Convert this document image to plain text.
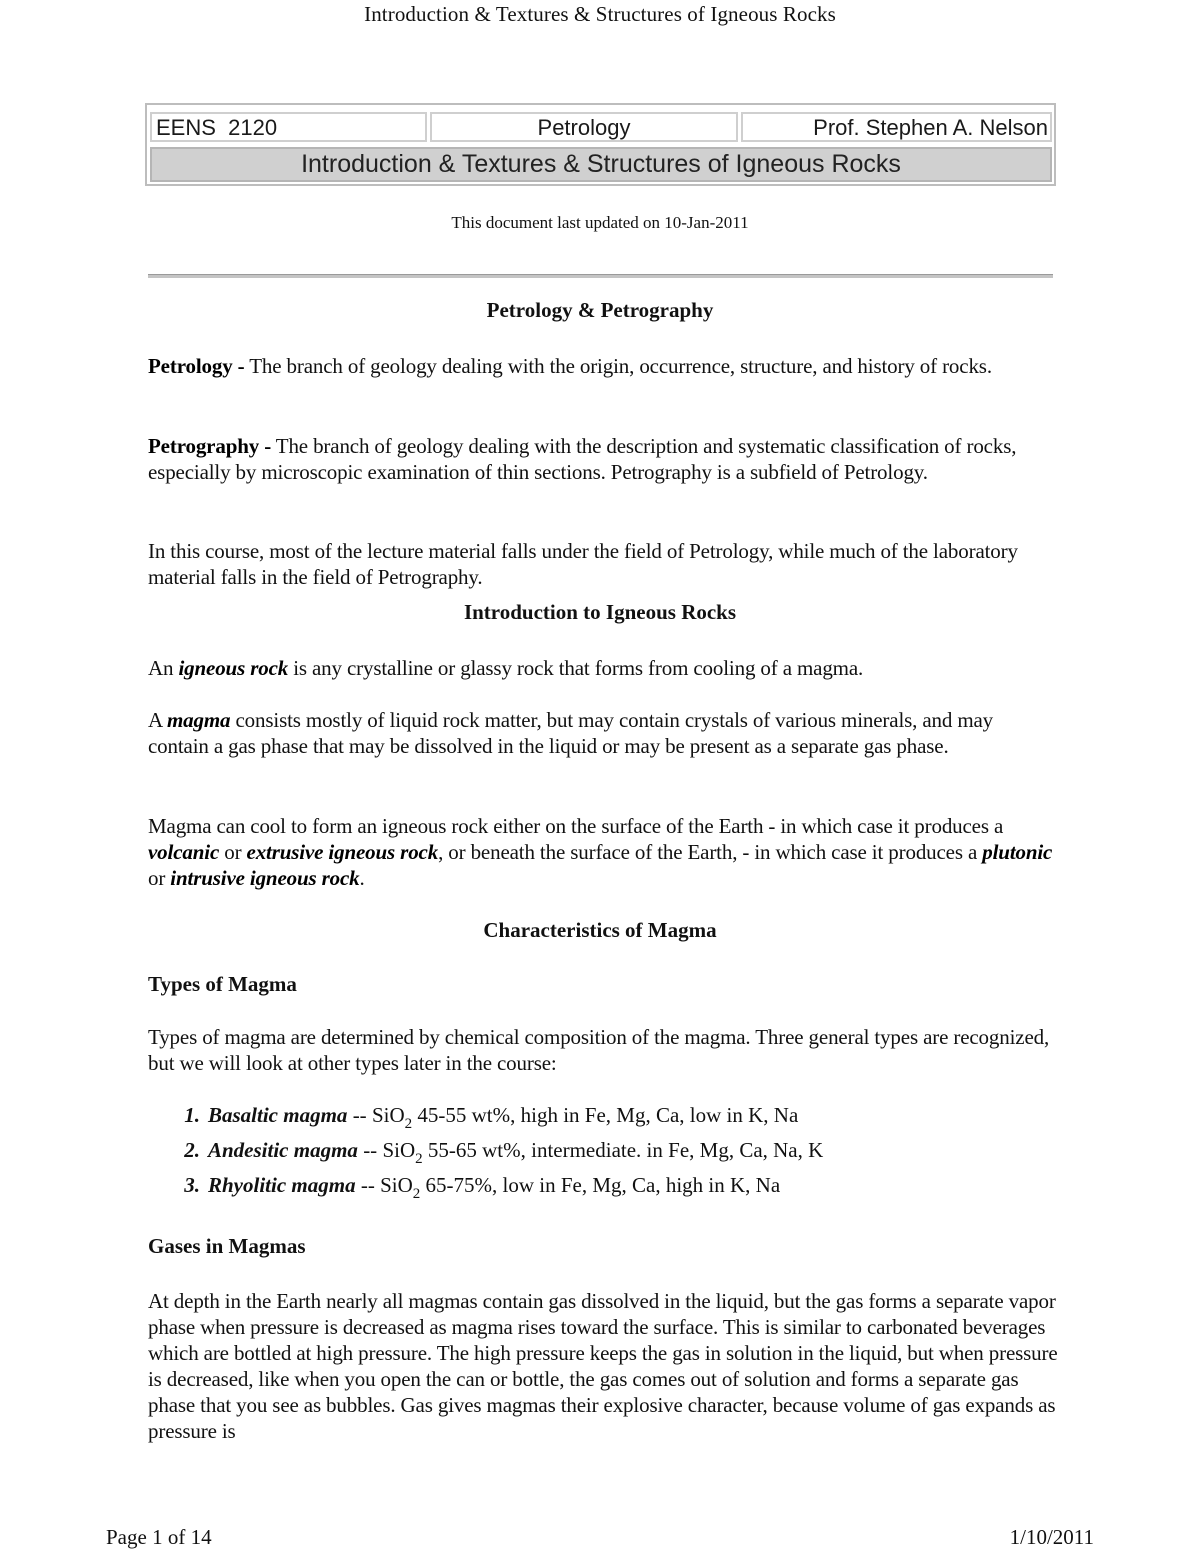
Introduction & Textures & Structures of Igneous Rocks
EENS  2120	Petrology	Prof. Stephen A. Nelson
Introduction & Textures & Structures of Igneous Rocks
This document last updated on 10-Jan-2011
Petrology & Petrography
Petrology - The branch of geology dealing with the origin, occurrence, structure, and history of rocks.
Petrography - The branch of geology dealing with the description and systematic classification of rocks, especially by microscopic examination of thin sections. Petrography is a subfield of Petrology.
In this course, most of the lecture material falls under the field of Petrology, while much of the laboratory material falls in the field of Petrography.
Introduction to Igneous Rocks
An igneous rock is any crystalline or glassy rock that forms from cooling of a magma.
A magma consists mostly of liquid rock matter, but may contain crystals of various minerals, and may contain a gas phase that may be dissolved in the liquid or may be present as a separate gas phase.
Magma can cool to form an igneous rock either on the surface of the Earth - in which case it produces a volcanic or extrusive igneous rock, or beneath the surface of the Earth, - in which case it produces a plutonic or intrusive igneous rock.
Characteristics of Magma
Types of Magma
Types of magma are determined by chemical composition of the magma. Three general types are recognized, but we will look at other types later in the course:
1. Basaltic magma -- SiO$_2$ 45-55 wt%, high in Fe, Mg, Ca, low in K, Na
2. Andesitic magma -- SiO$_2$ 55-65 wt%, intermediate. in Fe, Mg, Ca, Na, K
3. Rhyolitic magma -- SiO$_2$ 65-75%, low in Fe, Mg, Ca, high in K, Na
Gases in Magmas
At depth in the Earth nearly all magmas contain gas dissolved in the liquid, but the gas forms a separate vapor phase when pressure is decreased as magma rises toward the surface. This is similar to carbonated beverages which are bottled at high pressure. The high pressure keeps the gas in solution in the liquid, but when pressure is decreased, like when you open the can or bottle, the gas comes out of solution and forms a separate gas phase that you see as bubbles. Gas gives magmas their explosive character, because volume of gas expands as pressure is
Page 1 of 14	1/10/2011
